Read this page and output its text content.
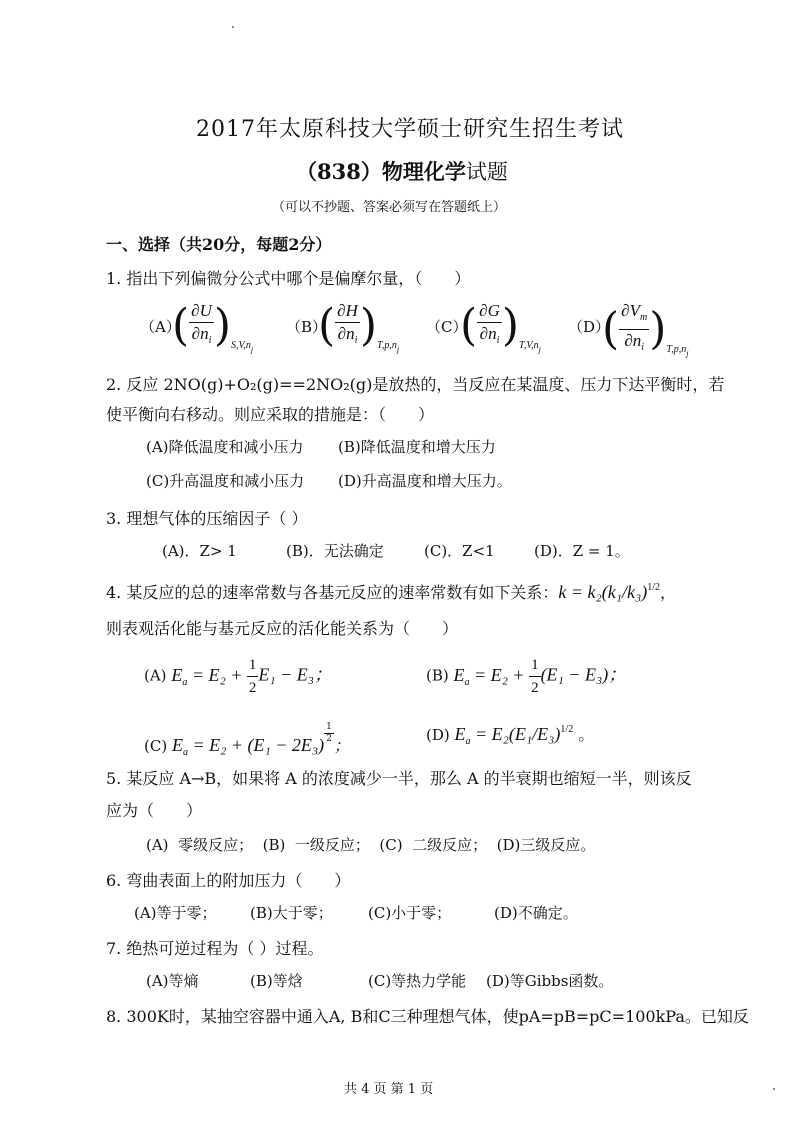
2017年太原科技大学硕士研究生招生考试
（838）物理化学试题
（可以不抄题、答案必须写在答题纸上）
一、选择（共20分，每题2分）
1. 指出下列偏微分公式中哪个是偏摩尔量，（　　）
（A）
( $\frac{\partial U}{\partial n_i} )_{S,V,n_j}$
（B）
( $\frac{\partial H}{\partial n_i} )_{T,p,n_j}$
（C）
( $\frac{\partial G}{\partial n_i} )_{T,V,n_j}$
（D）
( $\frac{\partial V_m}{\partial n_i} )_{T,p,n_j}$
2. 反应 2NO(g)+O₂(g)==2NO₂(g)是放热的，当反应在某温度、压力下达平衡时，若
使平衡向右移动。则应采取的措施是：（　　）
(A)降低温度和减小压力 (B)降低温度和增大压力
(C)升高温度和减小压力 (D)升高温度和增大压力。
3. 理想气体的压缩因子（ ）
(A)．Z> 1	(B)．无法确定	(C)．Z<1	(D)．Z = 1。
4. 某反应的总的速率常数与各基元反应的速率常数有如下关系：$k = k_2(k_1/k_3)^{1/2}$，
则表观活化能与基元反应的活化能关系为（　　）
(A) $E_a = E_2 + \frac{1}{2} E_1 - E_3$；	(B) $E_a = E_2 + \frac{1}{2} (E_1 - E_3)$；
(C) $E_a = E_2 + (E_1 - 2E_3) \frac{1}{2}$
；
(D) $E_a = E_2(E_1/E_3)^{1/2}$ 。
5. 某反应 A→B，如果将 A 的浓度减少一半，那么 A 的半衰期也缩短一半，则该反
应为（　　）
(A)  零级反应；  (B)  一级反应；  (C)  二级反应；  (D)三级反应。
6. 弯曲表面上的附加压力（　　）
(A)等于零； (B)大于零； (C)小于零；	(D)不确定。
7. 绝热可逆过程为（ ）过程。
(A)等熵	(B)等焓	(C)等热力学能 (D)等Gibbs函数。
8. 300K时，某抽空容器中通入A, B和C三种理想气体，使pA=pB=pC=100kPa。已知反
共 4 页 第 1 页
